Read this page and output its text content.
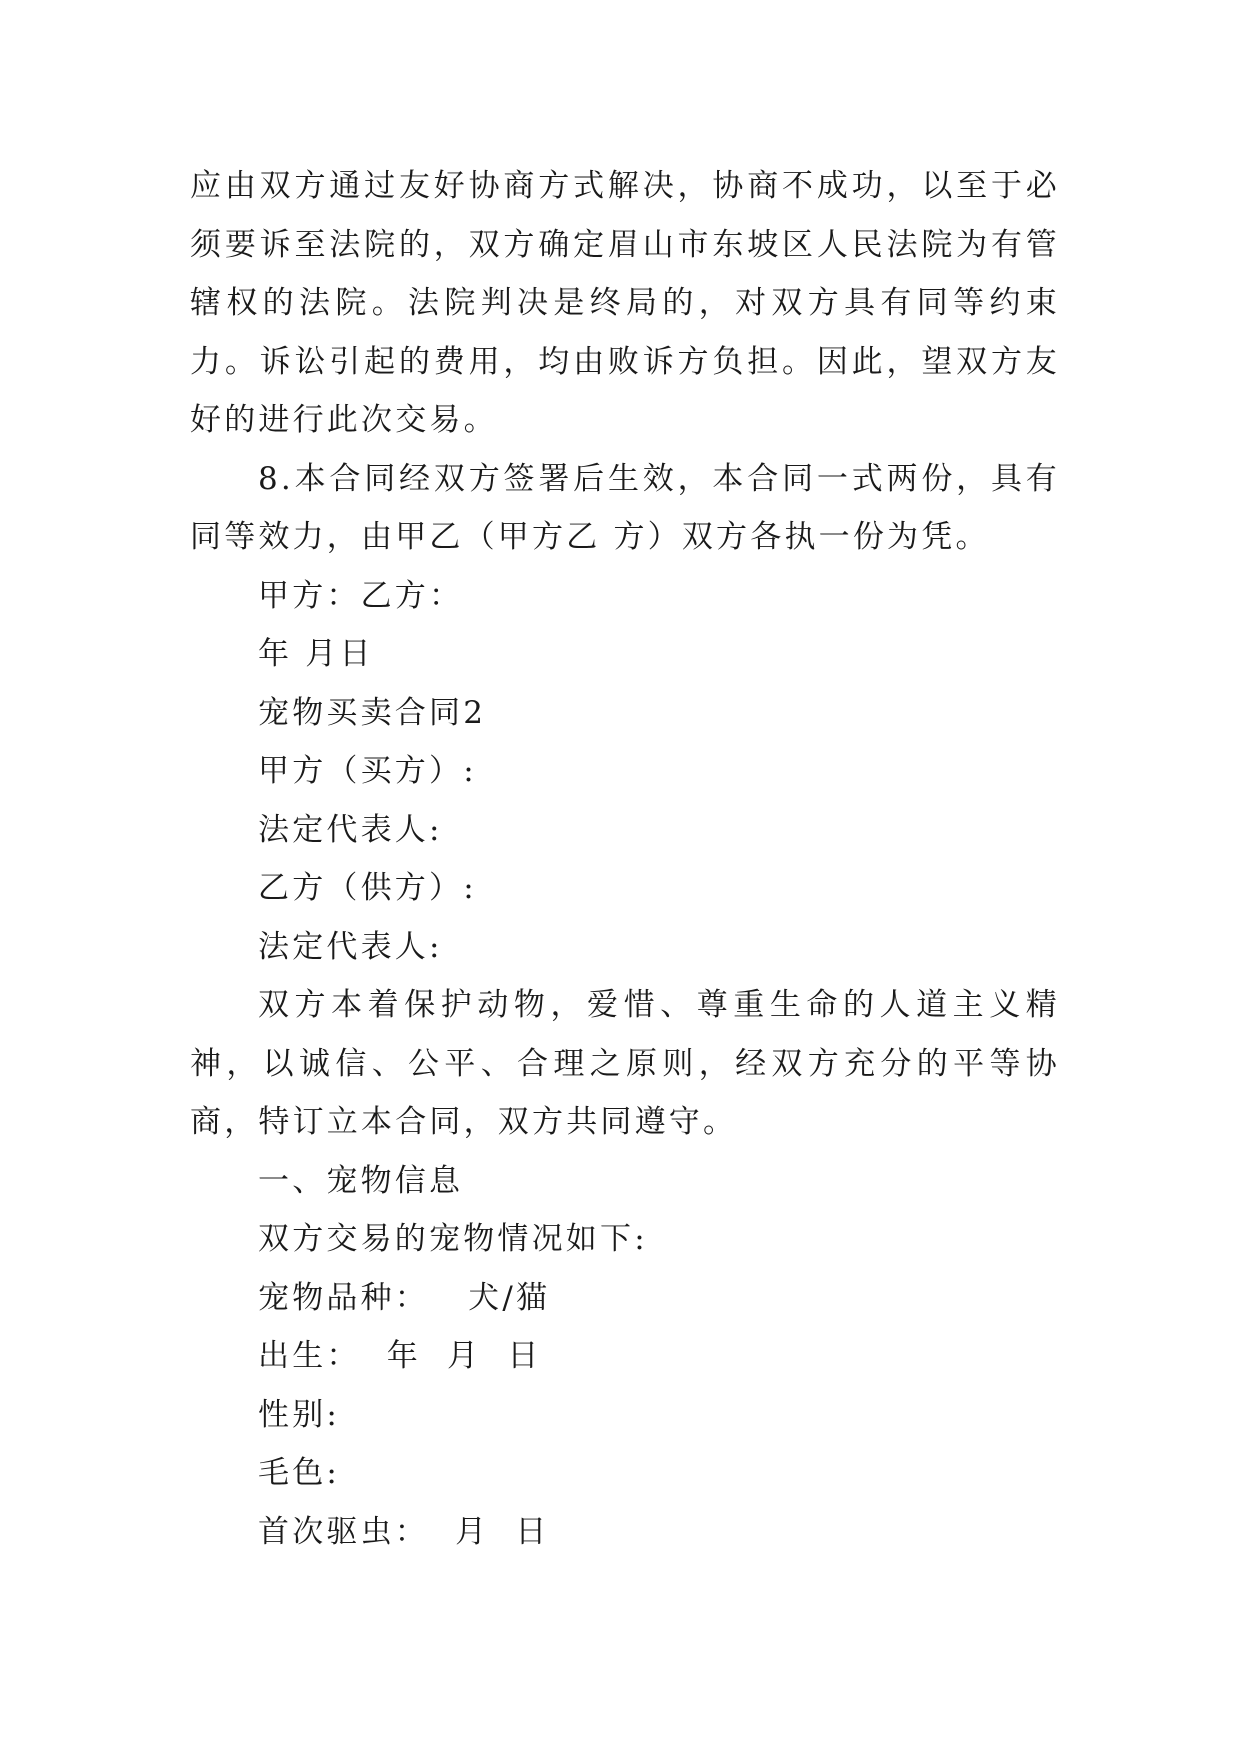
应由双方通过友好协商方式解决，协商不成功，以至于必须要诉至法院的，双方确定眉山市东坡区人民法院为有管辖权的法院。法院判决是终局的，对双方具有同等约束力。诉讼引起的费用，均由败诉方负担。因此，望双方友好的进行此次交易。

8.本合同经双方签署后生效，本合同一式两份，具有同等效力，由甲乙（甲方乙 方）双方各执一份为凭。

甲方：乙方：

年 月日

宠物买卖合同2

甲方（买方）:

法定代表人:

乙方（供方）:

法定代表人:

双方本着保护动物，爱惜、尊重生命的人道主义精神，以诚信、公平、合理之原则，经双方充分的平等协商，特订立本合同，双方共同遵守。

一、宠物信息

双方交易的宠物情况如下:

宠物品种：   犬/猫

出生：  年  月  日

性别:

毛色:

首次驱虫：  月  日
